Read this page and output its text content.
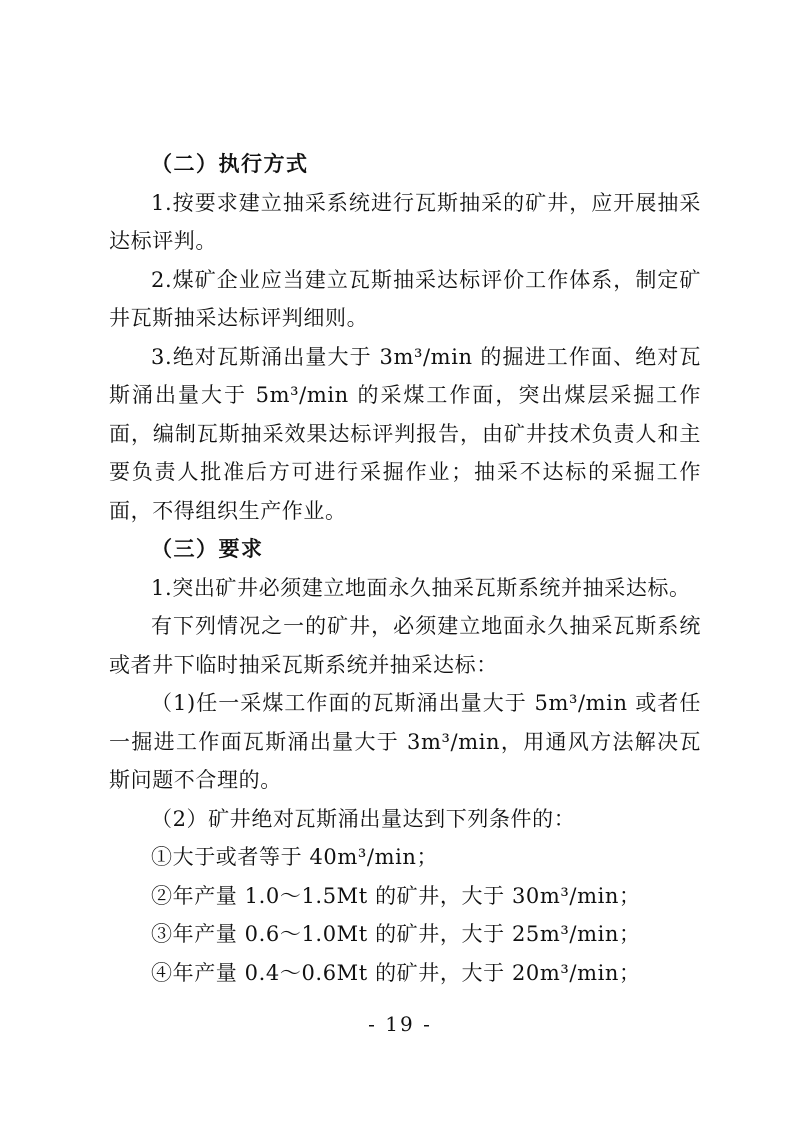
（二）执行方式

1.按要求建立抽采系统进行瓦斯抽采的矿井，应开展抽采达标评判。

2.煤矿企业应当建立瓦斯抽采达标评价工作体系，制定矿井瓦斯抽采达标评判细则。

3.绝对瓦斯涌出量大于 3m³/min 的掘进工作面、绝对瓦斯涌出量大于 5m³/min 的采煤工作面，突出煤层采掘工作面，编制瓦斯抽采效果达标评判报告，由矿井技术负责人和主要负责人批准后方可进行采掘作业；抽采不达标的采掘工作面，不得组织生产作业。

（三）要求

1.突出矿井必须建立地面永久抽采瓦斯系统并抽采达标。

有下列情况之一的矿井，必须建立地面永久抽采瓦斯系统或者井下临时抽采瓦斯系统并抽采达标：

（1)任一采煤工作面的瓦斯涌出量大于 5m³/min 或者任一掘进工作面瓦斯涌出量大于 3m³/min，用通风方法解决瓦斯问题不合理的。

（2）矿井绝对瓦斯涌出量达到下列条件的：

①大于或者等于 40m³/min；

②年产量 1.0～1.5Mt 的矿井，大于 30m³/min；

③年产量 0.6～1.0Mt 的矿井，大于 25m³/min；

④年产量 0.4～0.6Mt 的矿井，大于 20m³/min；

- 19 -
